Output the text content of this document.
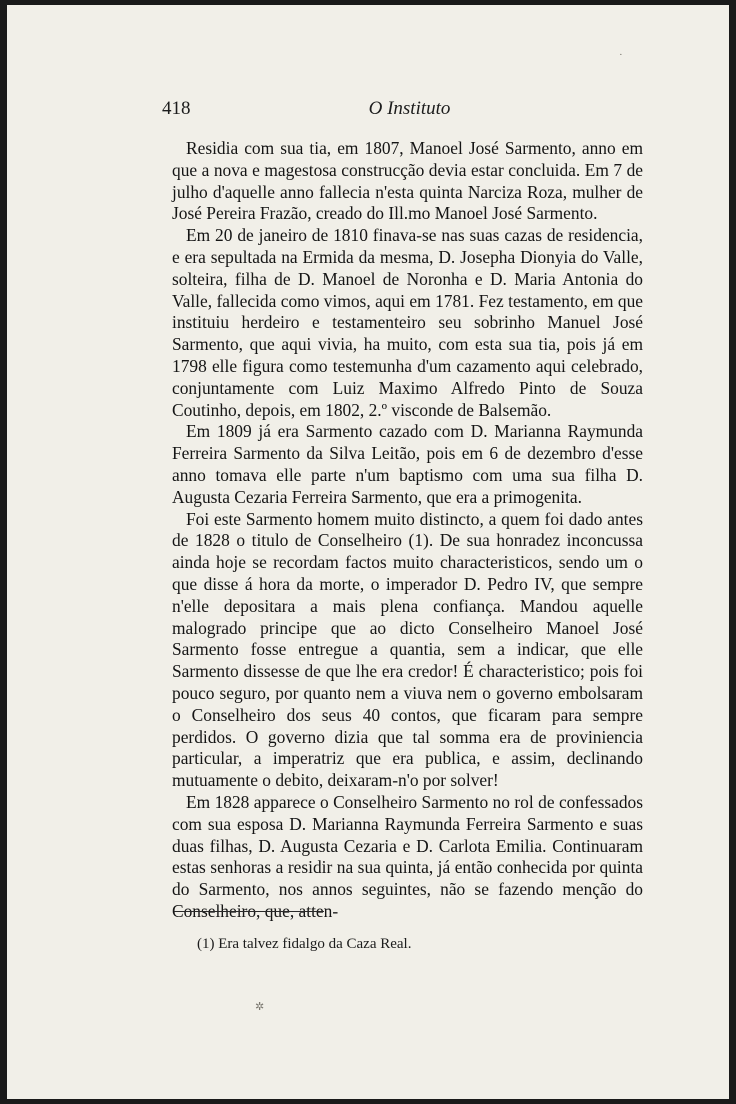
418	O Instituto

Residia com sua tia, em 1807, Manoel José Sarmento, anno em que a nova e magestosa construcção devia estar concluida. Em 7 de julho d'aquelle anno fallecia n'esta quinta Narciza Roza, mulher de José Pereira Frazão, creado do Ill.mo Manoel José Sarmento.

Em 20 de janeiro de 1810 finava-se nas suas cazas de residencia, e era sepultada na Ermida da mesma, D. Josepha Dionyia do Valle, solteira, filha de D. Manoel de Noronha e D. Maria Antonia do Valle, fallecida como vimos, aqui em 1781. Fez testamento, em que instituiu herdeiro e testamenteiro seu sobrinho Manuel José Sarmento, que aqui vivia, ha muito, com esta sua tia, pois já em 1798 elle figura como testemunha d'um cazamento aqui celebrado, conjuntamente com Luiz Maximo Alfredo Pinto de Souza Coutinho, depois, em 1802, 2.º visconde de Balsemão.

Em 1809 já era Sarmento cazado com D. Marianna Raymunda Ferreira Sarmento da Silva Leitão, pois em 6 de dezembro d'esse anno tomava elle parte n'um baptismo com uma sua filha D. Augusta Cezaria Ferreira Sarmento, que era a primogenita.

Foi este Sarmento homem muito distincto, a quem foi dado antes de 1828 o titulo de Conselheiro (1). De sua honradez inconcussa ainda hoje se recordam factos muito characteristicos, sendo um o que disse á hora da morte, o imperador D. Pedro IV, que sempre n'elle depositara a mais plena confiança. Mandou aquelle malogrado principe que ao dicto Conselheiro Manoel José Sarmento fosse entregue a quantia, sem a indicar, que elle Sarmento dissesse de que lhe era credor! É characteristico; pois foi pouco seguro, por quanto nem a viuva nem o governo embolsaram o Conselheiro dos seus 40 contos, que ficaram para sempre perdidos. O governo dizia que tal somma era de proviniencia particular, a imperatriz que era publica, e assim, declinando mutuamente o debito, deixaram-n'o por solver!

Em 1828 apparece o Conselheiro Sarmento no rol de confessados com sua esposa D. Marianna Raymunda Ferreira Sarmento e suas duas filhas, D. Augusta Cezaria e D. Carlota Emilia. Continuaram estas senhoras a residir na sua quinta, já então conhecida por quinta do Sarmento, nos annos seguintes, não se fazendo menção do Conselheiro, que, atten-

(1) Era talvez fidalgo da Caza Real.
✲
·
